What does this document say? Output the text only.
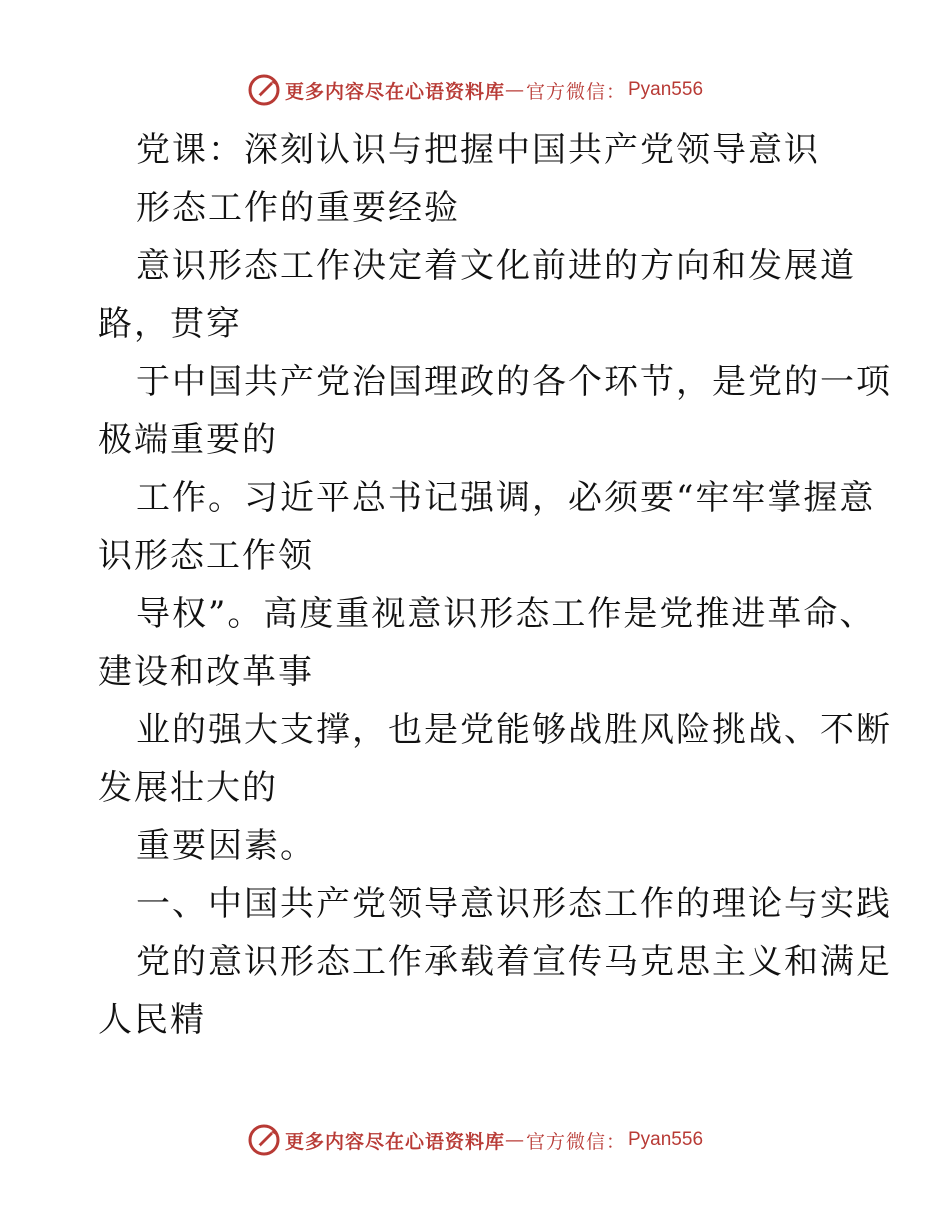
更多内容尽在心语资料库 — 官方微信： Pyan556
党课：深刻认识与把握中国共产党领导意识
形态工作的重要经验
意识形态工作决定着文化前进的方向和发展道
路，贯穿
于中国共产党治国理政的各个环节，是党的一项
极端重要的
工作。习近平总书记强调，必须要“牢牢掌握意
识形态工作领
导权”。高度重视意识形态工作是党推进革命、
建设和改革事
业的强大支撑，也是党能够战胜风险挑战、不断
发展壮大的
重要因素。
一、中国共产党领导意识形态工作的理论与实践
党的意识形态工作承载着宣传马克思主义和满足
人民精
更多内容尽在心语资料库 — 官方微信： Pyan556
